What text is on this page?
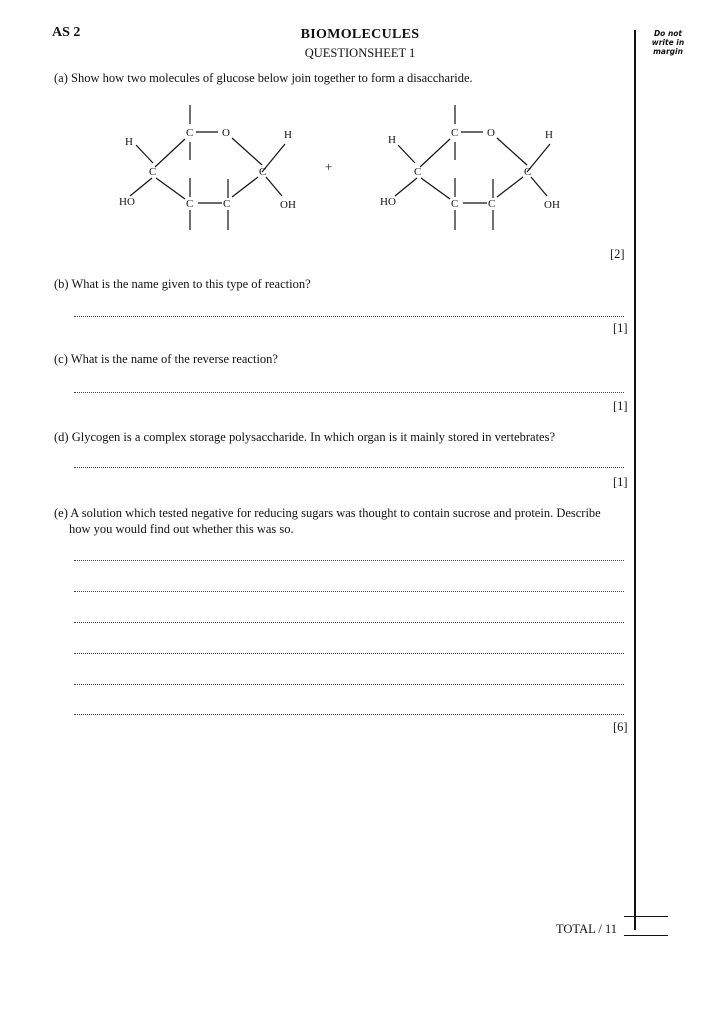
AS 2	BIOMOLECULES
QUESTIONSHEET 1
Do not
write in
margin
(a) Show how two molecules of glucose below join together to form a disaccharide.
C	O	H
H
C	C
HO	C	C	OH
+
C	O	H
H
C	C
HO	C	C	OH
[2]
(b) What is the name given to this type of reaction?
[1]
(c) What is the name of the reverse reaction?
[1]
(d) Glycogen is a complex storage polysaccharide. In which organ is it mainly stored in vertebrates?
[1]
(e) A solution which tested negative for reducing sugars was thought to contain sucrose and protein. Describe
how you would find out whether this was so.
[6]
TOTAL / 11
